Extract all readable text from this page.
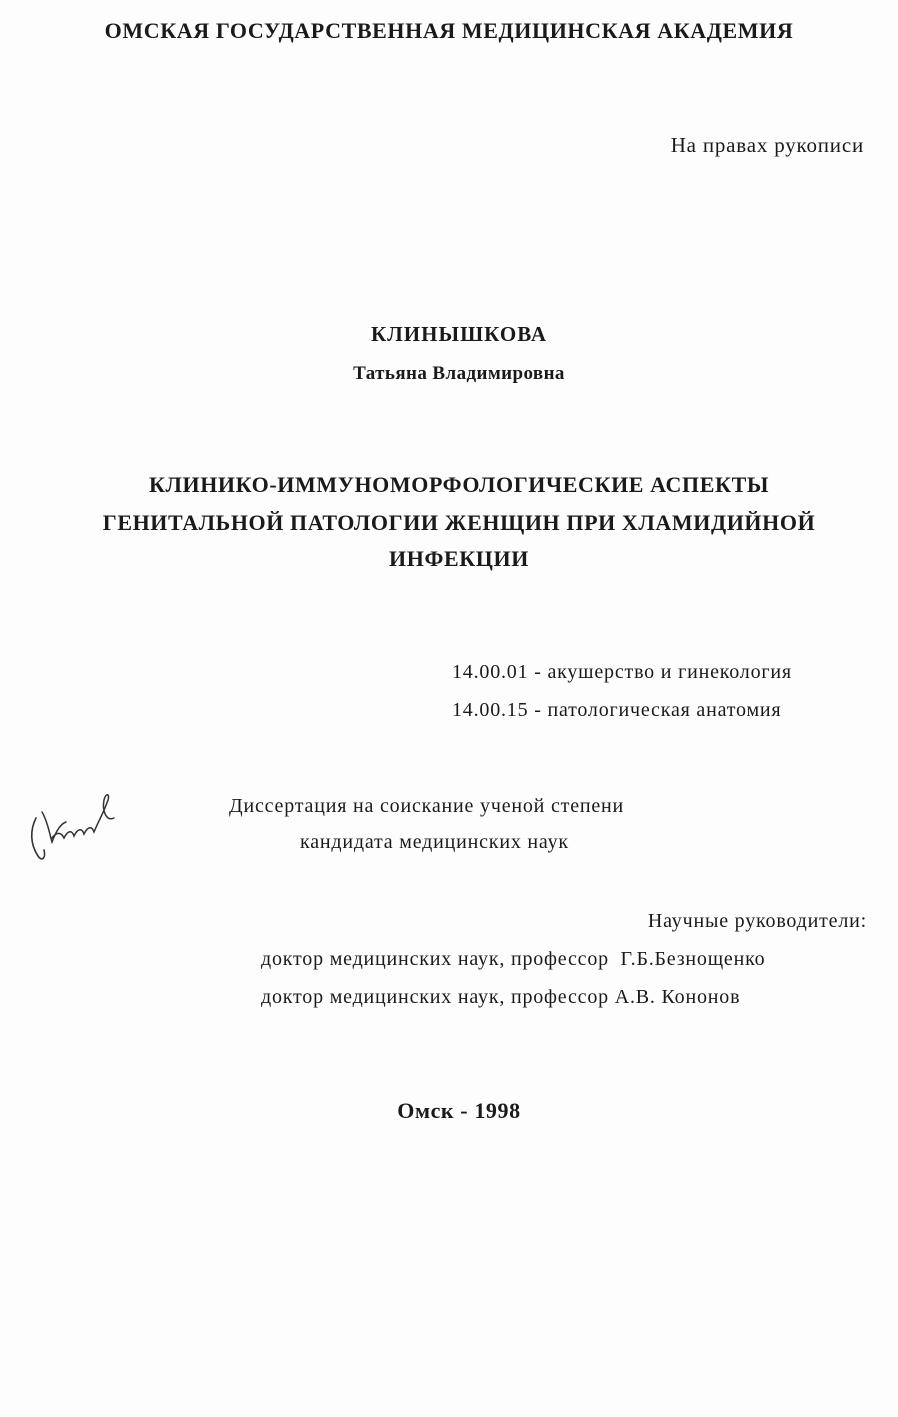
ОМСКАЯ ГОСУДАРСТВЕННАЯ МЕДИЦИНСКАЯ АКАДЕМИЯ
На правах рукописи
КЛИНЫШКОВА
Татьяна Владимировна
КЛИНИКО-ИММУНОМОРФОЛОГИЧЕСКИЕ АСПЕКТЫ
ГЕНИТАЛЬНОЙ ПАТОЛОГИИ ЖЕНЩИН ПРИ ХЛАМИДИЙНОЙ
ИНФЕКЦИИ
14.00.01 - акушерство и гинекология
14.00.15 - патологическая анатомия
Диссертация на соискание ученой степени
кандидата медицинских наук
Научные руководители:
доктор медицинских наук, профессор  Г.Б.Безнощенко
доктор медицинских наук, профессор А.В. Кононов
Омск - 1998
